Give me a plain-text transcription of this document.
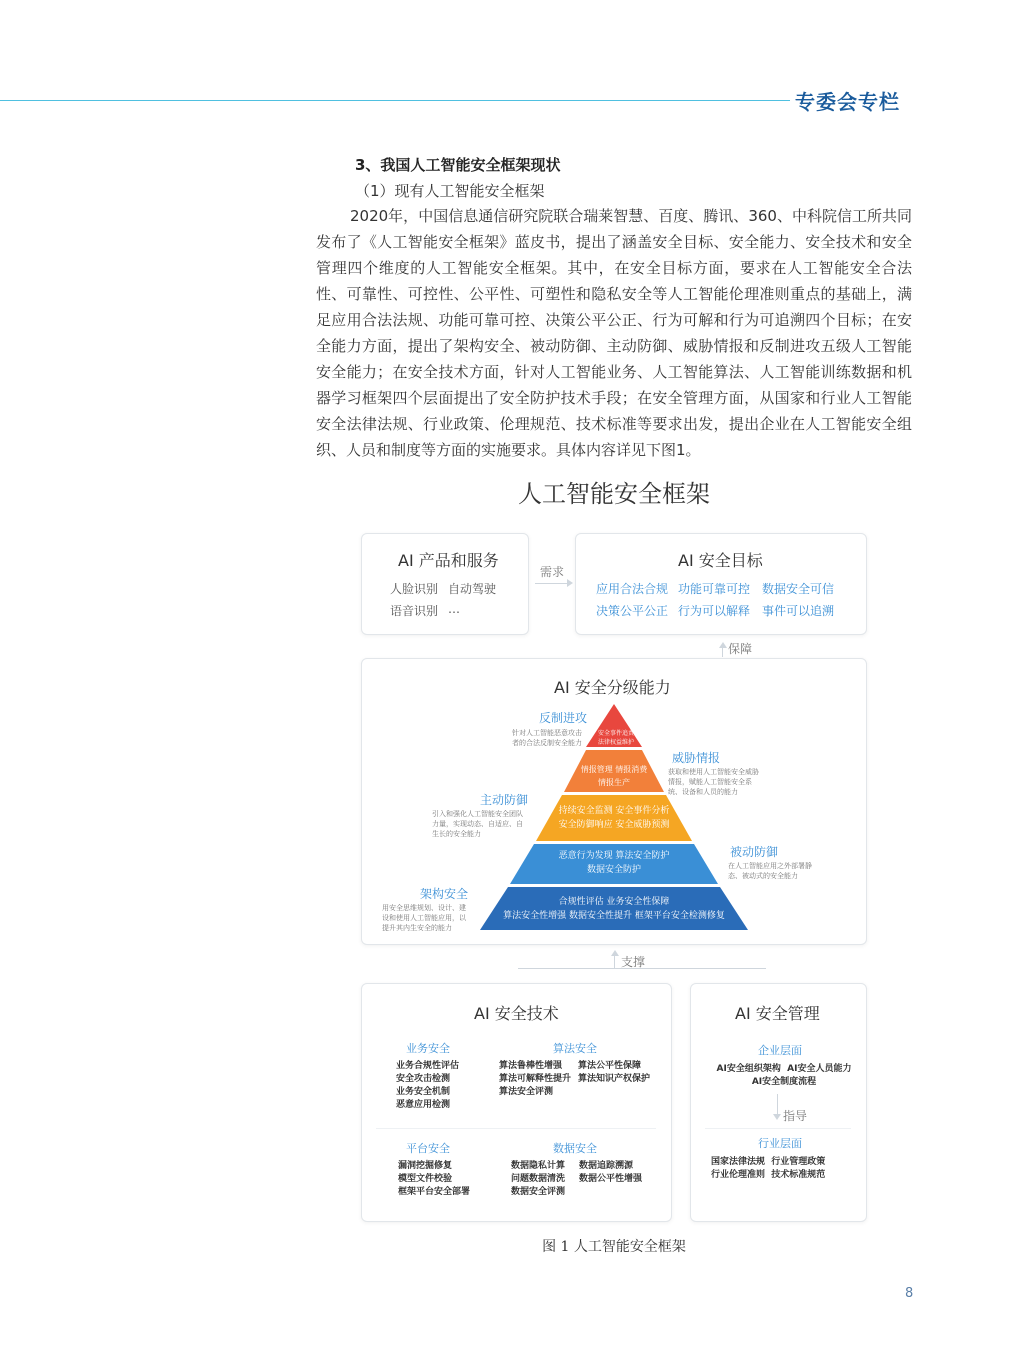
专委会专栏
3、我国人工智能安全框架现状
（1）现有人工智能安全框架
2020年，中国信息通信研究院联合瑞莱智慧、百度、腾讯、360、中科院信工所共同发布了《人工智能安全框架》蓝皮书，提出了涵盖安全目标、安全能力、安全技术和安全管理四个维度的人工智能安全框架。其中，在安全目标方面，要求在人工智能安全合法性、可靠性、可控性、公平性、可塑性和隐私安全等人工智能伦理准则重点的基础上，满足应用合法法规、功能可靠可控、决策公平公正、行为可解和行为可追溯四个目标；在安全能力方面，提出了架构安全、被动防御、主动防御、威胁情报和反制进攻五级人工智能安全能力；在安全技术方面，针对人工智能业务、人工智能算法、人工智能训练数据和机器学习框架四个层面提出了安全防护技术手段；在安全管理方面，从国家和行业人工智能安全法律法规、行业政策、伦理规范、技术标准等要求出发，提出企业在人工智能安全组织、人员和制度等方面的实施要求。具体内容详见下图1。
人工智能安全框架
AI 产品和服务
人脸识别 自动驾驶
语音识别 …
需求
AI 安全目标
应用合法合规 功能可靠可控 数据安全可信
决策公平公正 行为可以解释 事件可以追溯
保障
AI 安全分级能力
安全事件追责
法律权益维护
情报管理 情报消费
情报生产
持续安全监测 安全事件分析
安全防御响应 安全威胁预测
恶意行为发现 算法安全防护
数据安全防护
合规性评估 业务安全性保障
算法安全性增强 数据安全性提升 框架平台安全检测修复
反制进攻
针对人工智能恶意攻击者的合法反制安全能力
威胁情报
获取和使用人工智能安全威胁情报，赋能人工智能安全系统、设备和人员的能力
主动防御
引入和强化人工智能安全团队力量，实现动态、自适应、自生长的安全能力
被动防御
在人工智能应用之外部署静态、被动式的安全能力
架构安全
用安全思维规划、设计、建设和使用人工智能应用，以提升其内生安全的能力
支撑
AI 安全技术
业务安全
业务合规性评估
安全攻击检测
业务安全机制
恶意应用检测
算法安全
算法鲁棒性增强
算法可解释性提升
算法安全评测
算法公平性保障
算法知识产权保护
平台安全
漏洞挖掘修复
模型文件校验
框架平台安全部署
数据安全
数据隐私计算
问题数据清洗
数据安全评测
数据追踪溯源
数据公平性增强
AI 安全管理
企业层面
AI安全组织架构 AI安全人员能力
AI安全制度流程
指导
行业层面
国家法律法规 行业管理政策
行业伦理准则 技术标准规范
图 1 人工智能安全框架
8
